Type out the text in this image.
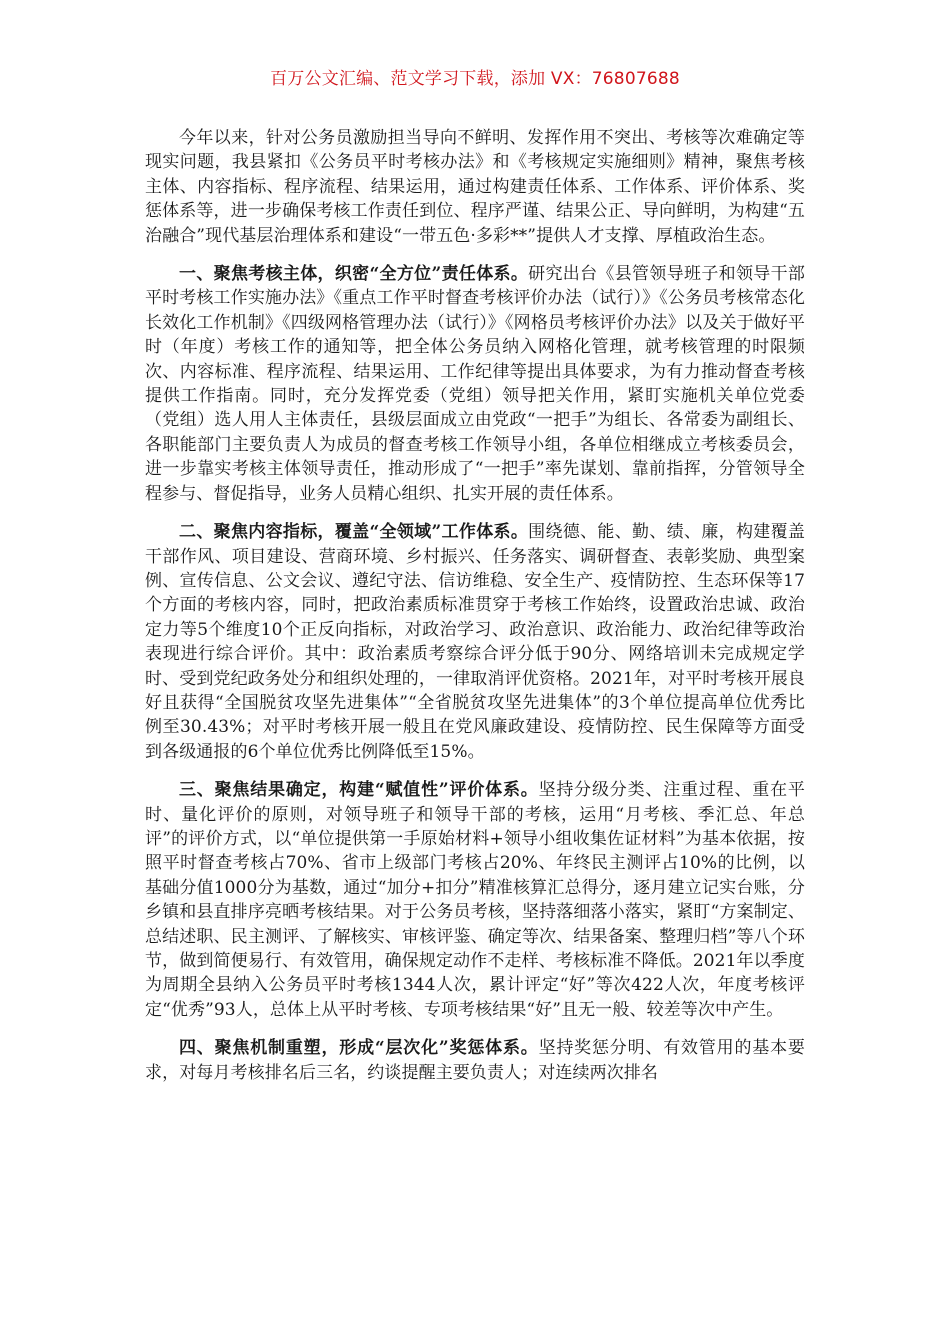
百万公文汇编、范文学习下载，添加 VX：76807688

今年以来，针对公务员激励担当导向不鲜明、发挥作用不突出、考核等次难确定等现实问题，我县紧扣《公务员平时考核办法》和《考核规定实施细则》精神，聚焦考核主体、内容指标、程序流程、结果运用，通过构建责任体系、工作体系、评价体系、奖惩体系等，进一步确保考核工作责任到位、程序严谨、结果公正、导向鲜明，为构建“五治融合”现代基层治理体系和建设“一带五色·多彩**”提供人才支撑、厚植政治生态。

一、聚焦考核主体，织密“全方位”责任体系。研究出台《县管领导班子和领导干部平时考核工作实施办法》《重点工作平时督查考核评价办法（试行）》《公务员考核常态化长效化工作机制》《四级网格管理办法（试行）》《网格员考核评价办法》以及关于做好平时（年度）考核工作的通知等，把全体公务员纳入网格化管理，就考核管理的时限频次、内容标准、程序流程、结果运用、工作纪律等提出具体要求，为有力推动督查考核提供工作指南。同时，充分发挥党委（党组）领导把关作用，紧盯实施机关单位党委（党组）选人用人主体责任，县级层面成立由党政“一把手”为组长、各常委为副组长、各职能部门主要负责人为成员的督查考核工作领导小组，各单位相继成立考核委员会，进一步靠实考核主体领导责任，推动形成了“一把手”率先谋划、靠前指挥，分管领导全程参与、督促指导，业务人员精心组织、扎实开展的责任体系。

二、聚焦内容指标，覆盖“全领域”工作体系。围绕德、能、勤、绩、廉，构建覆盖干部作风、项目建设、营商环境、乡村振兴、任务落实、调研督查、表彰奖励、典型案例、宣传信息、公文会议、遵纪守法、信访维稳、安全生产、疫情防控、生态环保等17个方面的考核内容，同时，把政治素质标准贯穿于考核工作始终，设置政治忠诚、政治定力等5个维度10个正反向指标，对政治学习、政治意识、政治能力、政治纪律等政治表现进行综合评价。其中：政治素质考察综合评分低于90分、网络培训未完成规定学时、受到党纪政务处分和组织处理的，一律取消评优资格。2021年，对平时考核开展良好且获得“全国脱贫攻坚先进集体”“全省脱贫攻坚先进集体”的3个单位提高单位优秀比例至30.43%；对平时考核开展一般且在党风廉政建设、疫情防控、民生保障等方面受到各级通报的6个单位优秀比例降低至15%。

三、聚焦结果确定，构建“赋值性”评价体系。坚持分级分类、注重过程、重在平时、量化评价的原则，对领导班子和领导干部的考核，运用“月考核、季汇总、年总评”的评价方式，以“单位提供第一手原始材料+领导小组收集佐证材料”为基本依据，按照平时督查考核占70%、省市上级部门考核占20%、年终民主测评占10%的比例，以基础分值1000分为基数，通过“加分+扣分”精准核算汇总得分，逐月建立记实台账，分乡镇和县直排序亮晒考核结果。对于公务员考核，坚持落细落小落实，紧盯“方案制定、总结述职、民主测评、了解核实、审核评鉴、确定等次、结果备案、整理归档”等八个环节，做到简便易行、有效管用，确保规定动作不走样、考核标准不降低。2021年以季度为周期全县纳入公务员平时考核1344人次，累计评定“好”等次422人次，年度考核评定“优秀”93人，总体上从平时考核、专项考核结果“好”且无一般、较差等次中产生。

四、聚焦机制重塑，形成“层次化”奖惩体系。坚持奖惩分明、有效管用的基本要求，对每月考核排名后三名，约谈提醒主要负责人；对连续两次排名
